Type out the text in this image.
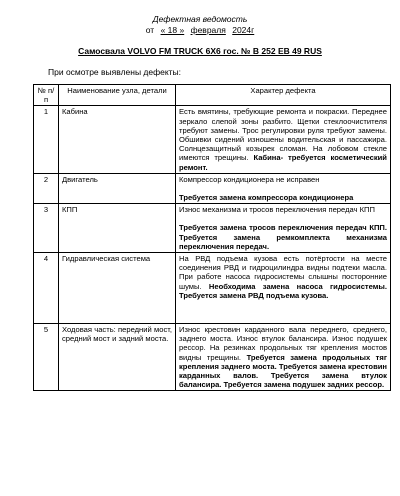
Дефектная ведомость
от « 18 » февраля 2024г
Самосвала VOLVO FM TRUCK 6X6 гос. № В 252 ЕВ 49 RUS
При осмотре выявлены дефекты:
№ п/п	Наименование узла, детали	Характер дефекта
1	Кабина	Есть вмятины, требующие ремонта и покраски. Переднее зеркало слепой зоны разбито. Щетки стеклоочистителя требуют замены. Трос регулировки руля требуют замены. Обшивки сидений изношены водительская и пассажира. Солнцезащитный козырек сломан. На лобовом стекле имеются трещины. Кабина- требуется косметический ремонт.
2	Двигатель	Компрессор кондиционера не исправен
Требуется замена компрессора кондиционера

3	КПП	Износ механизма и тросов переключения передач КПП
Требуется замена тросов переключения передач КПП. Требуется замена ремкомплекта механизма переключения передач.

4	Гидравлическая система	На РВД подъема кузова есть потёртости на месте соединения РВД и гидроцилиндра видны подтеки масла. При работе насоса гидросистемы слышны посторонние шумы. Необходима замена насоса гидросистемы. Требуется замена РВД подъема кузова.

5	Ходовая часть: передний мост, средний мост и задний моста.	Износ крестовин карданного вала переднего, среднего, заднего моста. Износ втулок балансира. Износ подушек рессор. На резинках продольных тяг крепления мостов видны трещины. Требуется замена продольных тяг крепления заднего моста. Требуется замена крестовин карданных валов. Требуется замена втулок балансира. Требуется замена подушек задних рессор.
